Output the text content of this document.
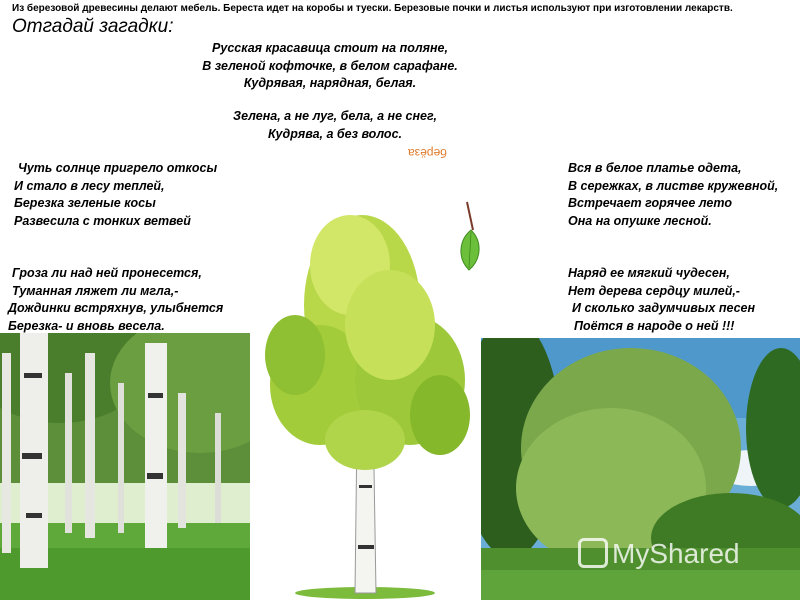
Из березовой древесины делают мебель. Береста идет на коробы и туески. Березовые почки и листья используют при изготовлении лекарств.
Отгадай загадки:
Русская красавица стоит на поляне,
В зеленой кофточке, в белом сарафане.
Кудрявая, нарядная, белая.
Зелена, а не луг, бела, а не снег,
Кудрява, а без волос.
берёза
Чуть солнце пригрело откосы
И стало в лесу теплей,
Березка зеленые косы
Развесила с тонких ветвей
Вся в белое платье одета,
В сережках, в листве кружевной,
Встречает горячее лето
Она на опушке лесной.
Гроза ли над ней пронесется,
Туманная ляжет ли мгла,-
Дождинки встряхнув, улыбнется
Березка- и вновь весела.
Наряд ее мягкий чудесен,
Нет дерева сердцу милей,-
И сколько задумчивых песен
Поётся в народе о ней !!!
MyShared
